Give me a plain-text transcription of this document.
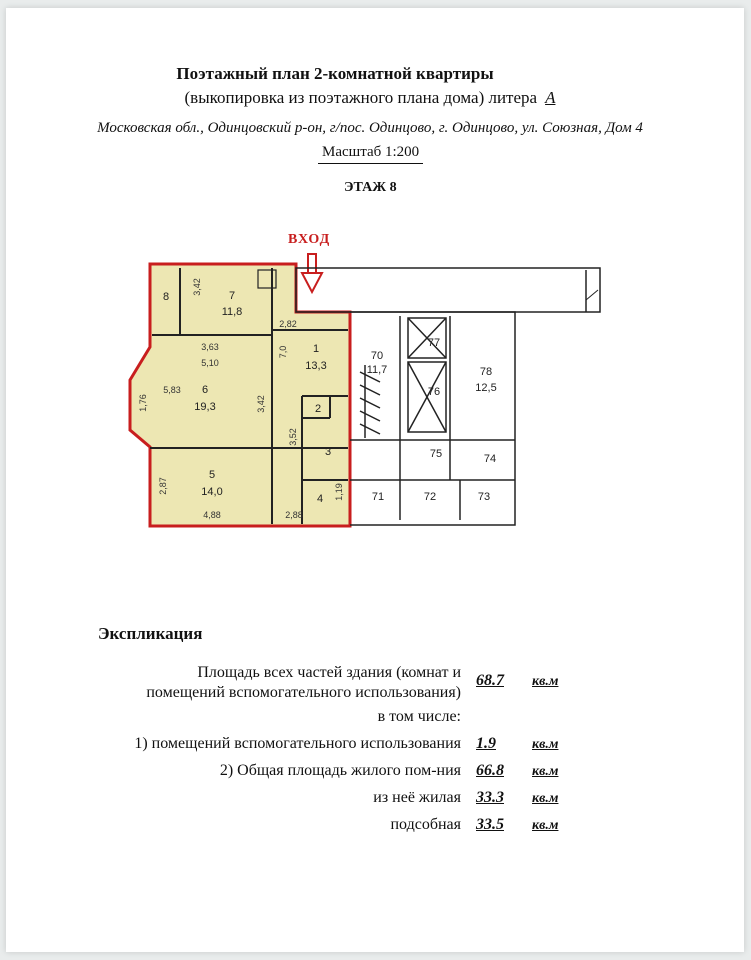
Поэтажный план 2-комнатной квартиры
(выкопировка из поэтажного плана дома) литера А
Московская обл., Одинцовский р-он, г/пос. Одинцово, г. Одинцово, ул. Союзная, Дом 4
Масштаб 1:200
ЭТАЖ 8
ВХОД
7
11,8
8
1
13,3
6
19,3	2
3
4
5
14,0
3,42
3,63
5,10
5,83
1,76
2,82
7,0
3,42
3,52
2,87
4,88	2,88
1,19
70
11,7
71	72	73
74
75
76
77
78
12,5
Экспликация
Площадь всех частей здания (комнат и
помещений вспомогательного использования)
68.7 кв.м
в том числе:
1) помещений вспомогательного использования 1.9	кв.м
2) Общая площадь жилого пом-ния 66.8 кв.м
из неё жилая 33.3 кв.м
подсобная 33.5 кв.м
